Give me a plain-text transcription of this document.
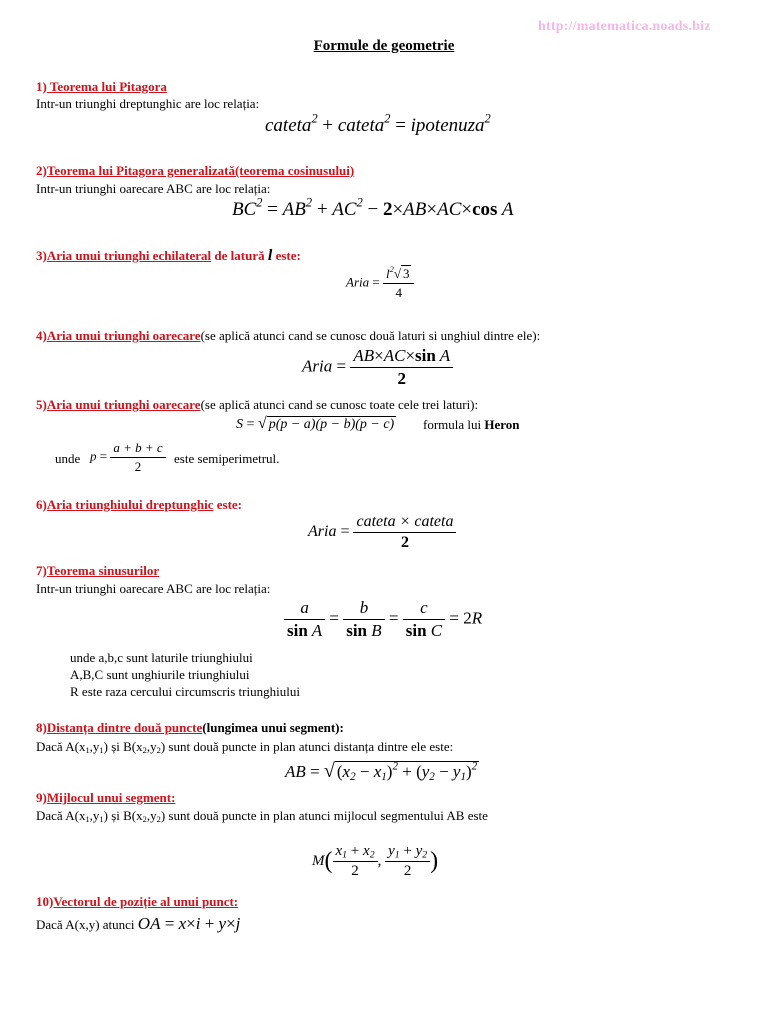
http://matematica.noads.biz
Formule de geometrie
1) Teorema lui Pitagora
Intr-un triunghi dreptunghic are loc relația:
cateta$^2$ + cateta$^2$ = ipotenuza$^2$
2)Teorema lui Pitagora generalizată(teorema cosinusului)
Intr-un triunghi oarecare ABC are loc relația:
$BC^2 = AB^2 + AC^2 - 2\times AB\times AC\times\cos$ A
3)Aria unui triunghi echilateral de latură l este:
Aria = $\frac{l^2√ 3}{4}$
4)Aria unui triunghi oarecare(se aplică atunci cand se cunosc două laturi si unghiul dintre ele):
Aria = $\frac{\text{AB×AC×sin A}}{2}$
5)Aria unui triunghi oarecare(se aplică atunci cand se cunosc toate cele trei laturi):
S = √ p(p − a)(p − b)(p − c) formula lui Heron
unde $p = \frac{a + b + c}{2}$ este semiperimetrul.
6)Aria triunghiului dreptunghic este:
Aria = $\frac{\text{cateta × cateta}}{2}$
7)Teorema sinusurilor
Intr-un triunghi oarecare ABC are loc relația:
$\frac{a}{\text{sin A}} = \frac{b}{\text{sin B}} = \frac{c}{\text{sin C}} = 2R$
unde a,b,c sunt laturile triunghiului
A,B,C sunt unghiurile triunghiului
R este raza cercului circumscris triunghiului
8)Distanța dintre două puncte(lungimea unui segment):
Dacă $A(x_1,y_1)$ și $B(x_2,y_2)$ sunt două puncte in plan atunci distanța dintre ele este:
AB = √ $(x_2 - x_1)^2 + (y_2 - y_1)^2$
9)Mijlocul unui segment:
Dacă $A(x_1,y_1)$ și $B(x_2,y_2)$ sunt două puncte in plan atunci mijlocul segmentului AB este
$M( \frac{x_1 + x_2}{2}$ , $\frac{y_1 + y_2}{2}$ )
10)Vectorul de poziție al unui punct:
Dacă A(x,y) atunci OA = x×i + y×j
